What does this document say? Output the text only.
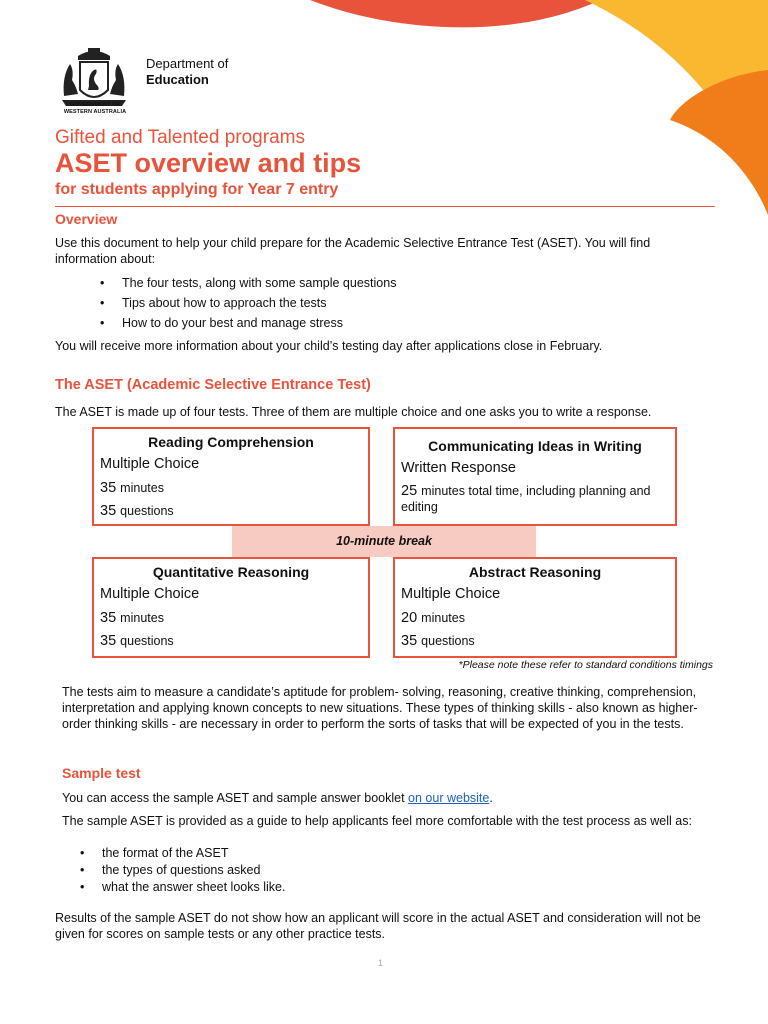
GOVERNMENT OF
WESTERN AUSTRALIA
Department of
Education
Gifted and Talented programs
ASET overview and tips
for students applying for Year 7 entry
Overview
Use this document to help your child prepare for the Academic Selective Entrance Test (ASET). You will find information about:
• The four tests, along with some sample questions
• Tips about how to approach the tests
• How to do your best and manage stress
You will receive more information about your child’s testing day after applications close in February.
The ASET (Academic Selective Entrance Test)
The ASET is made up of four tests. Three of them are multiple choice and one asks you to write a response.
10-minute break
Reading Comprehension
Multiple Choice
35 minutes
35 questions
Communicating Ideas in Writing
Written Response
25 minutes total time, including planning and editing
Quantitative Reasoning
Multiple Choice
35 minutes
35 questions
Abstract Reasoning
Multiple Choice
20 minutes
35 questions
*Please note these refer to standard conditions timings
The tests aim to measure a candidate’s aptitude for problem- solving, reasoning, creative thinking, comprehension, interpretation and applying known concepts to new situations. These types of thinking skills - also known as higher-order thinking skills - are necessary in order to perform the sorts of tasks that will be expected of you in the tests.
Sample test
You can access the sample ASET and sample answer booklet on our website.
The sample ASET is provided as a guide to help applicants feel more comfortable with the test process as well as:
• the format of the ASET
• the types of questions asked
• what the answer sheet looks like.
Results of the sample ASET do not show how an applicant will score in the actual ASET and consideration will not be given for scores on sample tests or any other practice tests.
1
